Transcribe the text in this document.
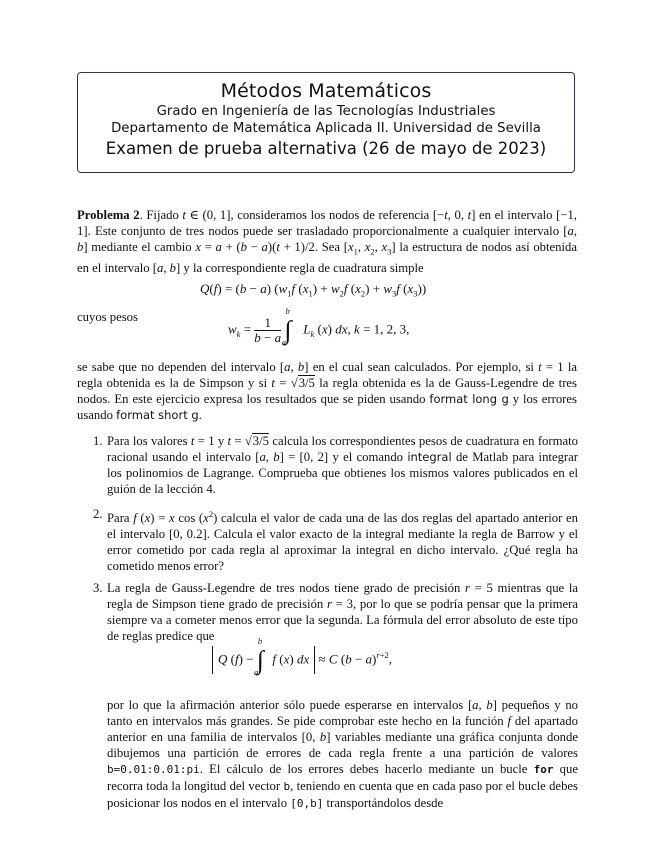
Métodos Matemáticos
Grado en Ingeniería de las Tecnologías Industriales
Departamento de Matemática Aplicada II. Universidad de Sevilla
Examen de prueba alternativa (26 de mayo de 2023)
Problema 2. Fijado t ∈ (0, 1], consideramos los nodos de referencia [−t, 0, t] en el intervalo [−1, 1]. Este conjunto de tres nodos puede ser trasladado proporcionalmente a cualquier intervalo [a, b] mediante el cambio x = a + (b − a)(t + 1)/2. Sea [$x_1$, $x_2$, $x_3$] la estructura de nodos así obtenida en el intervalo [a, b] y la correspondiente regla de cuadratura simple
Q(f) = (b − a) ($w_1f$ $(x_1) + w_2f$ $(x_2) + w_3f$ $(x_3)$)
cuyos pesos
$w_k = \frac{1}{b - a} \int^b_a$ $L_k$ (x) dx, k = 1, 2, 3,
se sabe que no dependen del intervalo [a, b] en el cual sean calculados. Por ejemplo, si t = 1 la regla obtenida es la de Simpson y si t = √3/5 la regla obtenida es la de Gauss-Legendre de tres nodos. En este ejercicio expresa los resultados que se piden usando format long g y los errores usando format short g.
1. Para los valores t = 1 y t = √3/5 calcula los correspondientes pesos de cuadratura en formato racional usando el intervalo [a, b] = [0, 2] y el comando integral de Matlab para integrar los polinomios de Lagrange. Comprueba que obtienes los mismos valores publicados en el guión de la lección 4.
2. Para f (x) = x $\cos (x^2)$ calcula el valor de cada una de las dos reglas del apartado anterior en el intervalo [0, 0.2]. Calcula el valor exacto de la integral mediante la regla de Barrow y el error cometido por cada regla al aproximar la integral en dicho intervalo. ¿Qué regla ha cometido menos error?
3. La regla de Gauss-Legendre de tres nodos tiene grado de precisión r = 5 mientras que la regla de Simpson tiene grado de precisión r = 3, por lo que se podría pensar que la primera siempre va a cometer menos error que la segunda. La fórmula del error absoluto de este tipo de reglas predice que
Q (f) − ∫$^b_a$f (x) dx ≈ C $(b - a)^{r+2}$,
por lo que la afirmación anterior sólo puede esperarse en intervalos [a, b] pequeños y no tanto en intervalos más grandes. Se pide comprobar este hecho en la función f del apartado anterior en una familia de intervalos [0, b] variables mediante una gráfica conjunta donde dibujemos una partición de errores de cada regla frente a una partición de valores b=0.01:0.01:pi. El cálculo de los errores debes hacerlo mediante un bucle for que recorra toda la longitud del vector b, teniendo en cuenta que en cada paso por el bucle debes posicionar los nodos en el intervalo [0,b] transportándolos desde
